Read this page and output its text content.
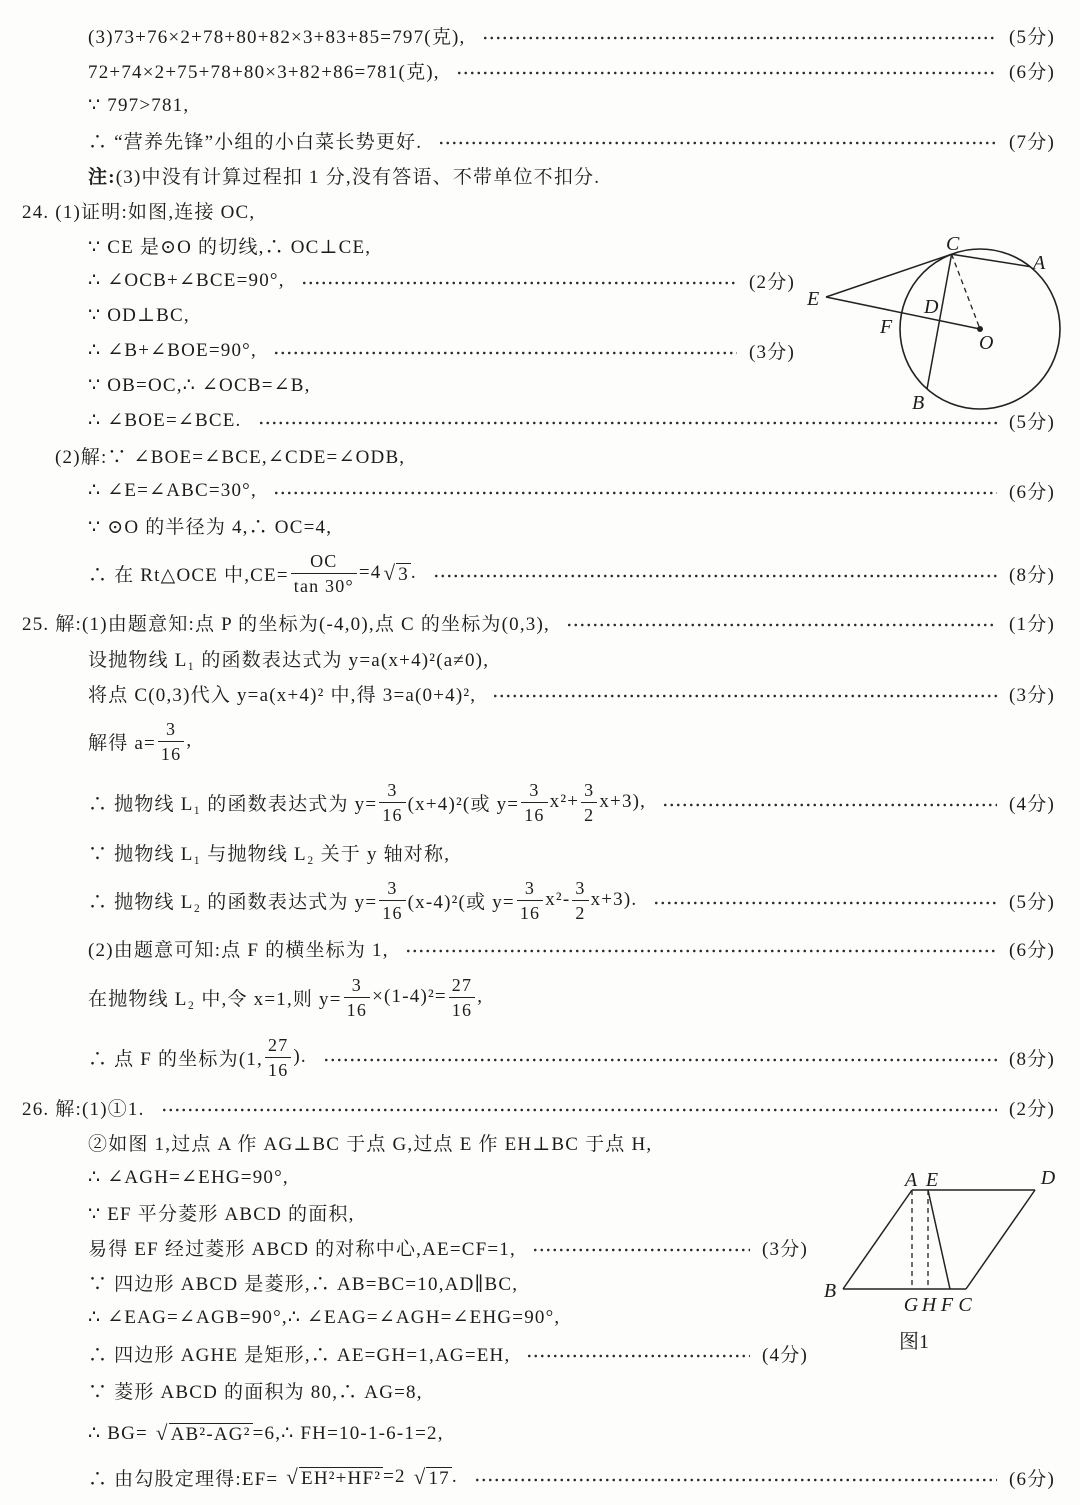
(3)73+76×2+78+80+82×3+83+85=797(克),	(5分)
72+74×2+75+78+80×3+82+86=781(克),	(6分)
∵ 797>781,
∴ “营养先锋”小组的小白菜长势更好.	(7分)
注: (3)中没有计算过程扣 1 分,没有答语、不带单位不扣分.
24. (1)证明:如图,连接 OC,
∵ CE 是⊙O 的切线,∴ OC⊥CE,
∴ ∠OCB+∠BCE=90°,	(2分)
∵ OD⊥BC,
∴ ∠B+∠BOE=90°,	(3分)
∵ OB=OC,∴ ∠OCB=∠B,
∴ ∠BOE=∠BCE.	(5分)
(2)解:∵ ∠BOE=∠BCE,∠CDE=∠ODB,
∴ ∠E=∠ABC=30°,	(6分)
∵ ⊙O 的半径为 4,∴ OC=4,
∴ 在 Rt△OCE 中$,CE= \frac{OC}{\tan 30^\circ} =4$ √ 3 .	(8分)
25. 解:(1)由题意知:点 P 的坐标为(-4,0),点 C 的坐标为(0,3),	(1分)
设抛物线 L₁ 的函数表达式为 y=a(x+4)²(a≠0),
将点 C(0,3)代入 y=a(x+4)² 中,得 3=a(0+4)²,	(3分)
解得 $a= \frac{3}{16}$ ,
∴ 抛物线 L₁ 的函数表达式为 $y= \frac{3}{16} (x+4)^2$(或 $y= \frac{3}{16} x^2+ \frac{3}{2} x+3$),	(4分)
∵ 抛物线 L₁ 与抛物线 L₂ 关于 y 轴对称,
∴ 抛物线 L₂ 的函数表达式为 $y= \frac{3}{16} (x-4)^2$(或 $y= \frac{3}{16} x^2- \frac{3}{2} x+3$).	(5分)
(2)由题意可知:点 F 的横坐标为 1,	(6分)
在抛物线 L₂ 中,令 x=1,则 $y= \frac{3}{16} \times(1-4)^2= \frac{27}{16}$ ,
∴ 点 F 的坐标为(1, $\frac{27}{16}$ ).	(8分)
26. 解:(1)①1.	(2分)
②如图 1,过点 A 作 AG⊥BC 于点 G,过点 E 作 EH⊥BC 于点 H,
∴ ∠AGH=∠EHG=90°,
∵ EF 平分菱形 ABCD 的面积,
易得 EF 经过菱形 ABCD 的对称中心,AE=CF=1,	(3分)
∵ 四边形 ABCD 是菱形,∴ AB=BC=10,AD∥BC,
∴ ∠EAG=∠AGB=90°,∴ ∠EAG=∠AGH=∠EHG=90°,
∴ 四边形 AGHE 是矩形,∴ AE=GH=1,AG=EH,	(4分)
∵ 菱形 ABCD 的面积为 80,∴ AG=8,
∴ BG= √ AB²-AG² =6,∴ FH=10-1-6-1=2,
∴ 由勾股定理得:EF= √ EH²+HF² =2 √ 17 .	(6分)
C
A
E	D
F
O
B
A E	D
B
G H F C
图1
